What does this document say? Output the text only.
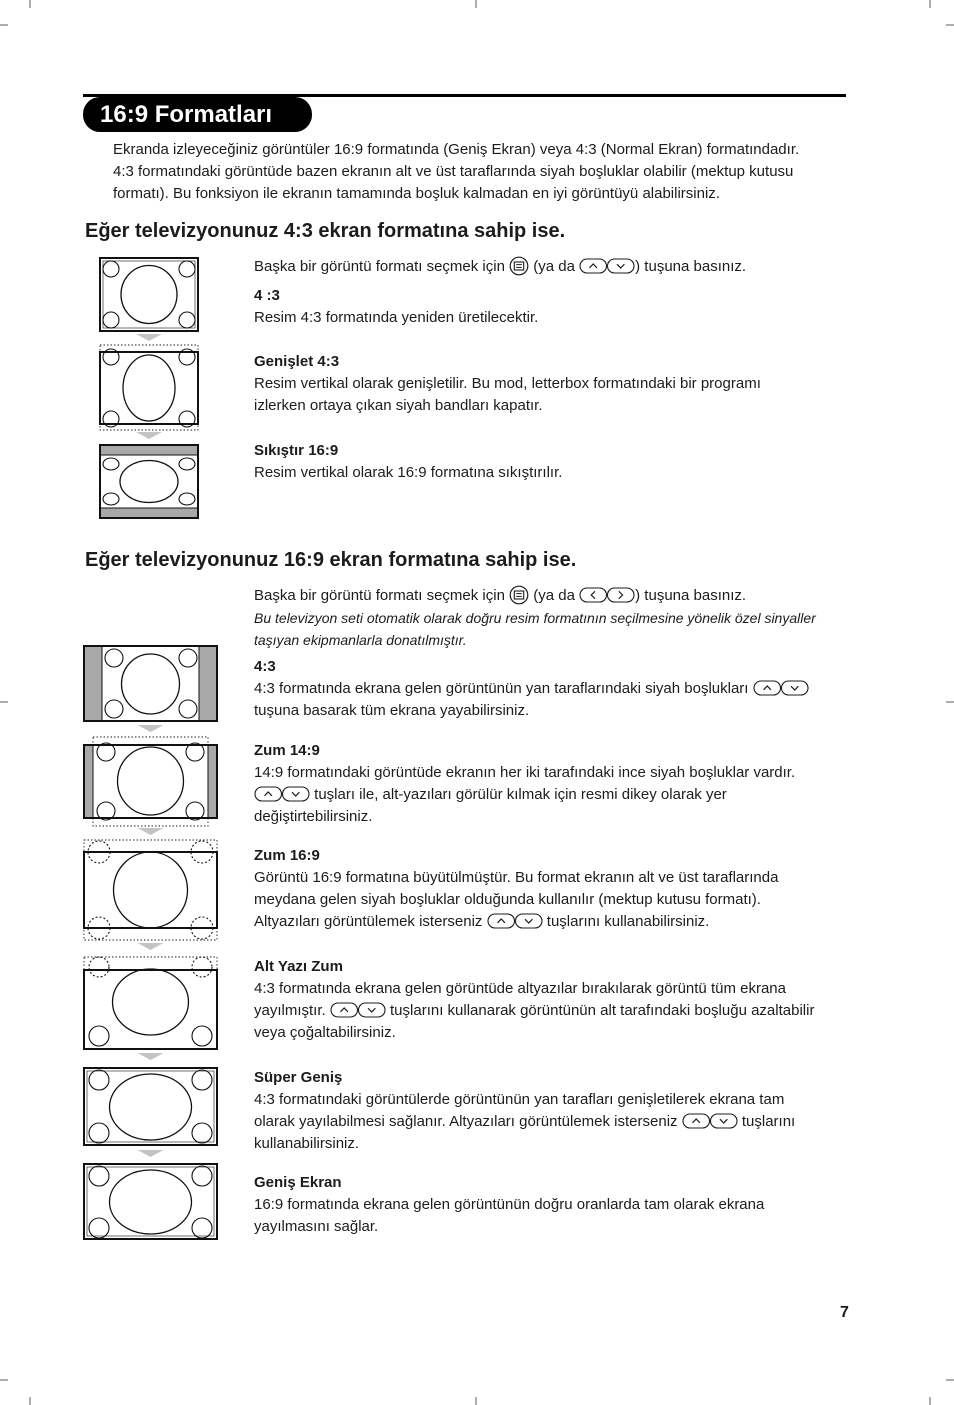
16:9 Formatları
Ekranda izleyeceğiniz görüntüler 16:9 formatında (Geniş Ekran) veya 4:3 (Normal Ekran) formatındadır.
4:3 formatındaki görüntüde bazen ekranın alt ve üst taraflarında siyah boşluklar olabilir (mektup kutusu
formatı). Bu fonksiyon ile ekranın tamamında boşluk kalmadan en iyi görüntüyü alabilirsiniz.
Eğer televizyonunuz 4:3 ekran formatına sahip ise.
Başka bir görüntü formatı seçmek için
(ya da	) tuşuna basınız.
4 :3
Resim 4:3 formatında yeniden üretilecektir.
Genişlet 4:3
Resim vertikal olarak genişletilir. Bu mod, letterbox formatındaki bir programı
izlerken ortaya çıkan siyah bandları kapatır.
Sıkıştır 16:9
Resim vertikal olarak 16:9 formatına sıkıştırılır.
Eğer televizyonunuz 16:9 ekran formatına sahip ise.
Başka bir görüntü formatı seçmek için
(ya da	) tuşuna basınız.
Bu televizyon seti otomatik olarak doğru resim formatının seçilmesine yönelik özel sinyaller
taşıyan ekipmanlarla donatılmıştır.
4:3
4:3 formatında ekrana gelen görüntünün yan taraflarındaki siyah boşlukları
tuşuna basarak tüm ekrana yayabilirsiniz.
Zum 14:9
14:9 formatındaki görüntüde ekranın her iki tarafındaki ince siyah boşluklar vardır.
tuşları ile, alt-yazıları görülür kılmak için resmi dikey olarak yer
değiştirtebilirsiniz.
Zum 16:9
Görüntü 16:9 formatına büyütülmüştür. Bu format ekranın alt ve üst taraflarında
meydana gelen siyah boşluklar olduğunda kullanılır (mektup kutusu formatı).
Altyazıları görüntülemek isterseniz	tuşlarını kullanabilirsiniz.
Alt Yazı Zum
4:3 formatında ekrana gelen görüntüde altyazılar bırakılarak görüntü tüm ekrana
yayılmıştır.	tuşlarını kullanarak görüntünün alt tarafındaki boşluğu azaltabilir
veya çoğaltabilirsiniz.
Süper Geniş
4:3 formatındaki görüntülerde görüntünün yan tarafları genişletilerek ekrana tam
olarak yayılabilmesi sağlanır. Altyazıları görüntülemek isterseniz	tuşlarını
kullanabilirsiniz.
Geniş Ekran
16:9 formatında ekrana gelen görüntünün doğru oranlarda tam olarak ekrana
yayılmasını sağlar.
7
